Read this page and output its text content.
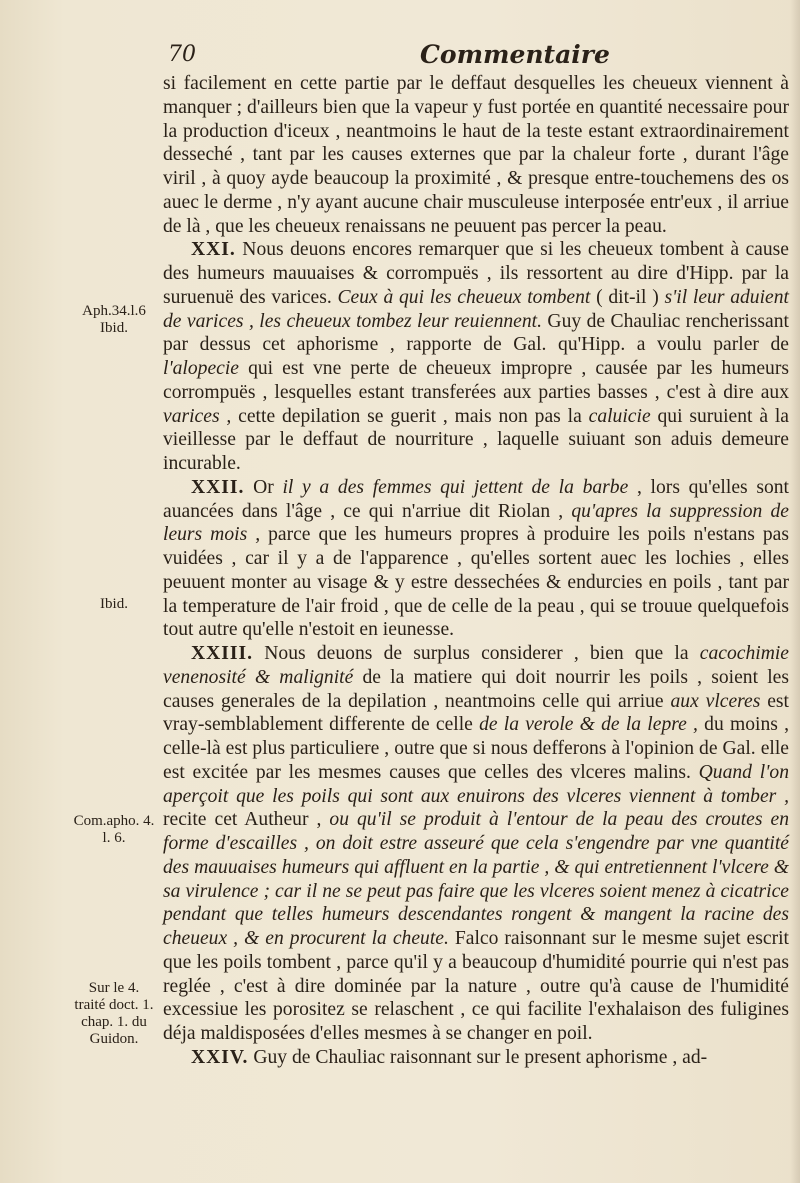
70	Commentaire
Aph.34.l.6 Ibid.
Ibid.
Com.apho. 4. l. 6.
Sur le 4. traité doct. 1. chap. 1. du Guidon.

si facilement en cette partie par le deffaut desquelles les cheueux viennent à manquer ; d'ailleurs bien que la vapeur y fust portée en quantité necessaire pour la production d'iceux , neantmoins le haut de la teste estant extraordinairement desseché , tant par les causes externes que par la chaleur forte , durant l'âge viril , à quoy ayde beaucoup la proximité , & presque entre-touchemens des os auec le derme , n'y ayant aucune chair musculeuse interposée entr'eux , il arriue de là , que les cheueux renaissans ne peuuent pas percer la peau.

XXI. Nous deuons encores remarquer que si les cheueux tombent à cause des humeurs mauuaises & corrompuës , ils ressortent au dire d'Hipp. par la suruenuë des varices. Ceux à qui les cheueux tombent ( dit-il ) s'il leur aduient de varices , les cheueux tombez leur reuiennent. Guy de Chauliac rencherissant par dessus cet aphorisme , rapporte de Gal. qu'Hipp. a voulu parler de l'alopecie qui est vne perte de cheueux impropre , causée par les humeurs corrompuës , lesquelles estant transferées aux parties basses , c'est à dire aux varices , cette depilation se guerit , mais non pas la caluicie qui suruient à la vieillesse par le deffaut de nourriture , laquelle suiuant son aduis demeure incurable.

XXII. Or il y a des femmes qui jettent de la barbe , lors qu'elles sont auancées dans l'âge , ce qui n'arriue dit Riolan , qu'apres la suppression de leurs mois , parce que les humeurs propres à produire les poils n'estans pas vuidées , car il y a de l'apparence , qu'elles sortent auec les lochies , elles peuuent monter au visage & y estre dessechées & endurcies en poils , tant par la temperature de l'air froid , que de celle de la peau , qui se trouue quelquefois tout autre qu'elle n'estoit en ieunesse.

XXIII. Nous deuons de surplus considerer , bien que la cacochimie venenosité & malignité de la matiere qui doit nourrir les poils , soient les causes generales de la depilation , neantmoins celle qui arriue aux vlceres est vray-semblablement differente de celle de la verole & de la lepre , du moins , celle-là est plus particuliere , outre que si nous defferons à l'opinion de Gal. elle est excitée par les mesmes causes que celles des vlceres malins. Quand l'on aperçoit que les poils qui sont aux enuirons des vlceres viennent à tomber , recite cet Autheur , ou qu'il se produit à l'entour de la peau des croutes en forme d'escailles , on doit estre asseuré que cela s'engendre par vne quantité des mauuaises humeurs qui affluent en la partie , & qui entretiennent l'vlcere & sa virulence ; car il ne se peut pas faire que les vlceres soient menez à cicatrice pendant que telles humeurs descendantes rongent & mangent la racine des cheueux , & en procurent la cheute. Falco raisonnant sur le mesme sujet escrit que les poils tombent , parce qu'il y a beaucoup d'humidité pourrie qui n'est pas reglée , c'est à dire dominée par la nature , outre qu'à cause de l'humidité excessiue les porositez se relaschent , ce qui facilite l'exhalaison des fuligines déja maldisposées d'elles mesmes à se changer en poil.

XXIV. Guy de Chauliac raisonnant sur le present aphorisme , ad-
